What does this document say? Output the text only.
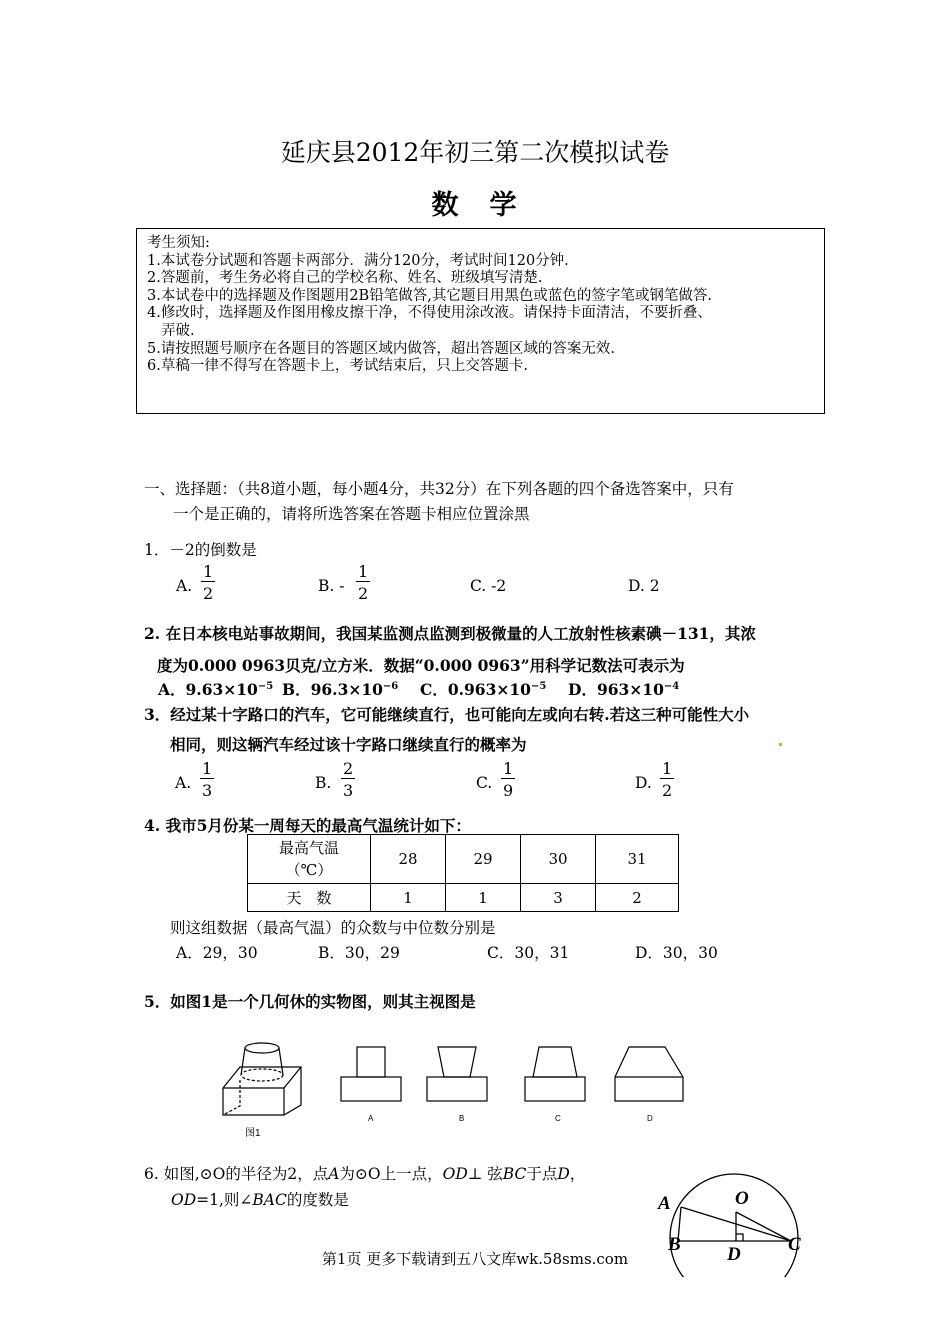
延庆县2012年初三第二次模拟试卷
数　学
考生须知:
1.本试卷分试题和答题卡两部分．满分120分，考试时间120分钟.
2.答题前，考生务必将自己的学校名称、姓名、班级填写清楚.
3.本试卷中的选择题及作图题用2B铅笔做答,其它题目用黑色或蓝色的签字笔或钢笔做答.
4.修改时，选择题及作图用橡皮擦干净，不得使用涂改液。请保持卡面清洁，不要折叠、
弄破.
5.请按照题号顺序在各题目的答题区域内做答，超出答题区域的答案无效.
6.草稿一律不得写在答题卡上，考试结束后，只上交答题卡.
一、选择题：（共8道小题，每小题4分，共32分）在下列各题的四个备选答案中，只有
一个是正确的，请将所选答案在答题卡相应位置涂黑
1．－2的倒数是
A. $\frac{1}{2}$	B. - $\frac{1}{2}$	C. -2	D. 2
2. 在日本核电站事故期间，我国某监测点监测到极微量的人工放射性核素碘－131，其浓
度为0.000 0963贝克/立方米．数据“0.000 0963”用科学记数法可表示为
A．$9.63\times 10^{-5}$ B．$96.3\times 10^{-6}$ C．$0.963\times 10^{-5}$ D．$963\times 10^{-4}$
3．经过某十字路口的汽车，它可能继续直行，也可能向左或向右转.若这三种可能性大小
相同，则这辆汽车经过该十字路口继续直行的概率为
A. $\frac{1}{3}$	B. $\frac{2}{3}$	C. $\frac{1}{9}$	D. $\frac{1}{2}$
4. 我市5月份某一周每天的最高气温统计如下：
最高气温
（℃）	28	29	30	31
天　数	1	1	3	2
则这组数据（最高气温）的众数与中位数分别是
A．29，30	B．30，29	C．30，31	D．30，30
5．如图1是一个几何休的实物图，则其主视图是
图1
A	B	C	D
6. 如图,⊙O的半径为2，点A为⊙O上一点，OD⊥ 弦BC于点D，
OD=1,则∠BAC的度数是	A	O
B D C
第1页 更多下载请到五八文库wk.58sms.com
